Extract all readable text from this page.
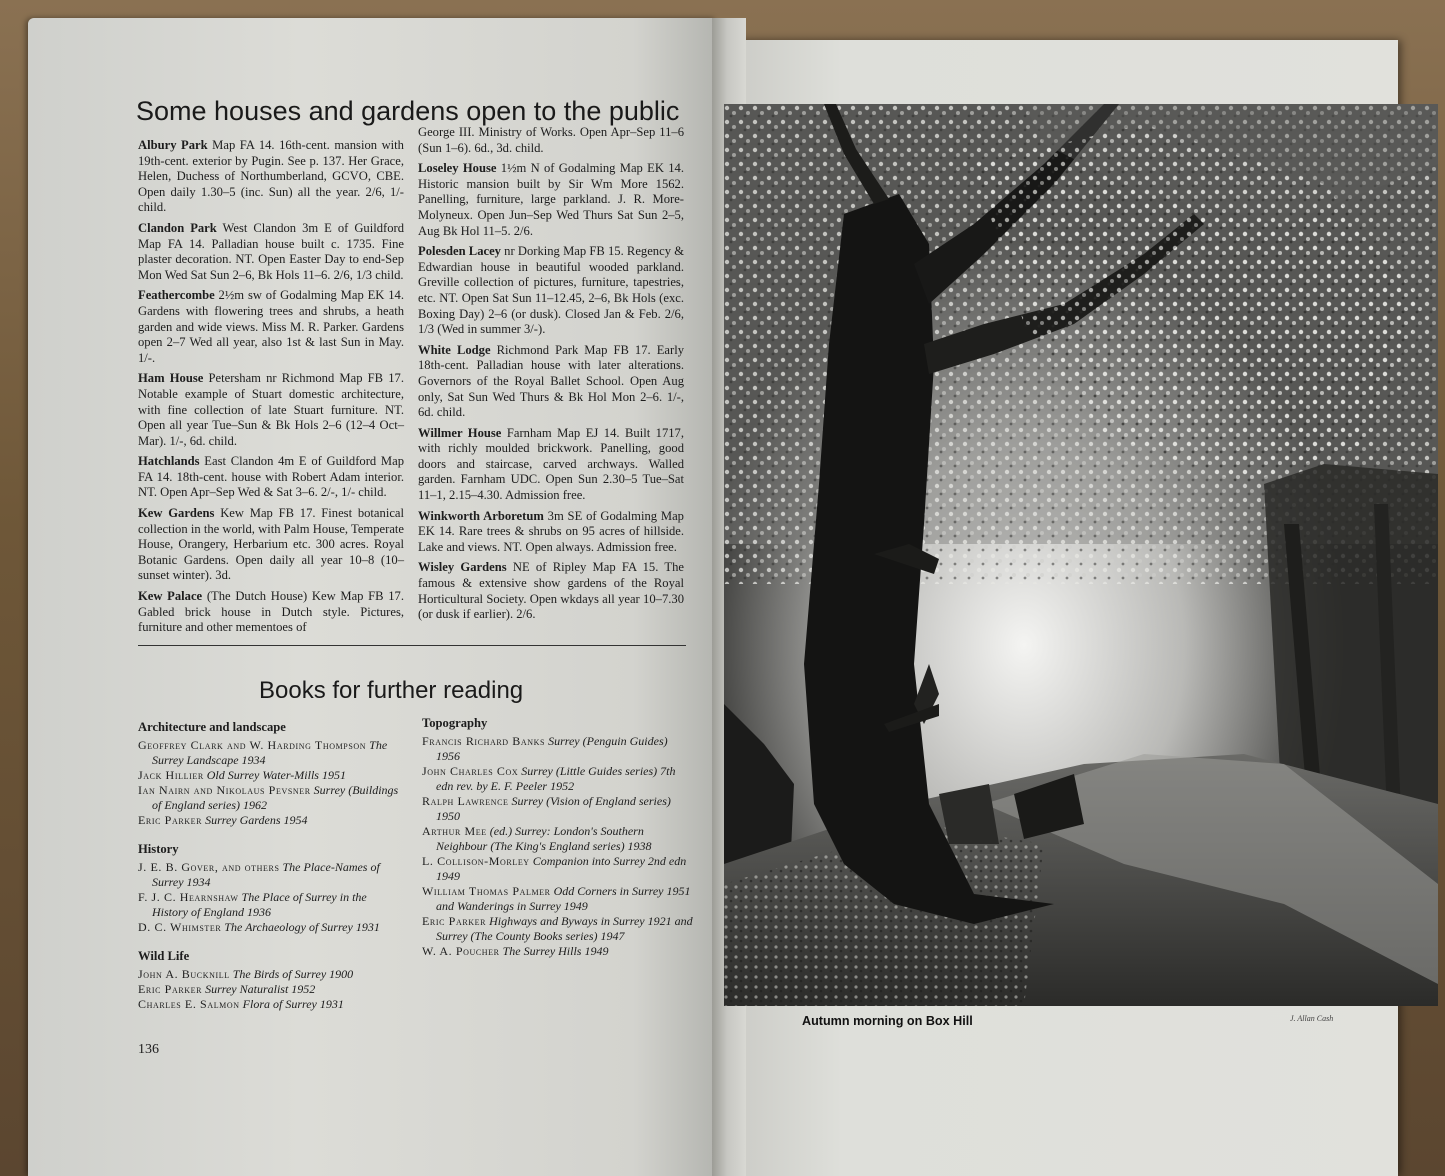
Some houses and gardens open to the public

Albury Park Map FA 14. 16th-cent. mansion with 19th-cent. exterior by Pugin. See p. 137. Her Grace, Helen, Duchess of Northumberland, GCVO, CBE. Open daily 1.30–5 (inc. Sun) all the year. 2/6, 1/- child.

Clandon Park West Clandon 3m E of Guildford Map FA 14. Palladian house built c. 1735. Fine plaster decoration. NT. Open Easter Day to end-Sep Mon Wed Sat Sun 2–6, Bk Hols 11–6. 2/6, 1/3 child.

Feathercombe 2½m sw of Godalming Map EK 14. Gardens with flowering trees and shrubs, a heath garden and wide views. Miss M. R. Parker. Gardens open 2–7 Wed all year, also 1st & last Sun in May. 1/-.

Ham House Petersham nr Richmond Map FB 17. Notable example of Stuart domestic architecture, with fine collection of late Stuart furniture. NT. Open all year Tue–Sun & Bk Hols 2–6 (12–4 Oct–Mar). 1/-, 6d. child.

Hatchlands East Clandon 4m E of Guildford Map FA 14. 18th-cent. house with Robert Adam interior. NT. Open Apr–Sep Wed & Sat 3–6. 2/-, 1/- child.

Kew Gardens Kew Map FB 17. Finest botanical collection in the world, with Palm House, Temperate House, Orangery, Herbarium etc. 300 acres. Royal Botanic Gardens. Open daily all year 10–8 (10–sunset winter). 3d.

Kew Palace (The Dutch House) Kew Map FB 17. Gabled brick house in Dutch style. Pictures, furniture and other mementoes of

George III. Ministry of Works. Open Apr–Sep 11–6 (Sun 1–6). 6d., 3d. child.

Loseley House 1½m N of Godalming Map EK 14. Historic mansion built by Sir Wm More 1562. Panelling, furniture, large parkland. J. R. More-Molyneux. Open Jun–Sep Wed Thurs Sat Sun 2–5, Aug Bk Hol 11–5. 2/6.

Polesden Lacey nr Dorking Map FB 15. Regency & Edwardian house in beautiful wooded parkland. Greville collection of pictures, furniture, tapestries, etc. NT. Open Sat Sun 11–12.45, 2–6, Bk Hols (exc. Boxing Day) 2–6 (or dusk). Closed Jan & Feb. 2/6, 1/3 (Wed in summer 3/-).

White Lodge Richmond Park Map FB 17. Early 18th-cent. Palladian house with later alterations. Governors of the Royal Ballet School. Open Aug only, Sat Sun Wed Thurs & Bk Hol Mon 2–6. 1/-, 6d. child.

Willmer House Farnham Map EJ 14. Built 1717, with richly moulded brickwork. Panelling, good doors and staircase, carved archways. Walled garden. Farnham UDC. Open Sun 2.30–5 Tue–Sat 11–1, 2.15–4.30. Admission free.

Winkworth Arboretum 3m SE of Godalming Map EK 14. Rare trees & shrubs on 95 acres of hillside. Lake and views. NT. Open always. Admission free.

Wisley Gardens NE of Ripley Map FA 15. The famous & extensive show gardens of the Royal Horticultural Society. Open wkdays all year 10–7.30 (or dusk if earlier). 2/6.

Books for further reading
Architecture and landscape
Geoffrey Clark and W. Harding Thompson The Surrey Landscape 1934
Jack Hillier Old Surrey Water-Mills 1951
Ian Nairn and Nikolaus Pevsner Surrey (Buildings of England series) 1962
Eric Parker Surrey Gardens 1954
History
J. E. B. Gover, and others The Place-Names of Surrey 1934
F. J. C. Hearnshaw The Place of Surrey in the History of England 1936
D. C. Whimster The Archaeology of Surrey 1931
Wild Life
John A. Bucknill The Birds of Surrey 1900
Eric Parker Surrey Naturalist 1952
Charles E. Salmon Flora of Surrey 1931
Topography
Francis Richard Banks Surrey (Penguin Guides) 1956
John Charles Cox Surrey (Little Guides series) 7th edn rev. by E. F. Peeler 1952
Ralph Lawrence Surrey (Vision of England series) 1950
Arthur Mee (ed.) Surrey: London's Southern Neighbour (The King's England series) 1938
L. Collison-Morley Companion into Surrey 2nd edn 1949
William Thomas Palmer Odd Corners in Surrey 1951 and Wanderings in Surrey 1949
Eric Parker Highways and Byways in Surrey 1921 and Surrey (The County Books series) 1947
W. A. Poucher The Surrey Hills 1949
136
Autumn morning on Box Hill	J. Allan Cash
